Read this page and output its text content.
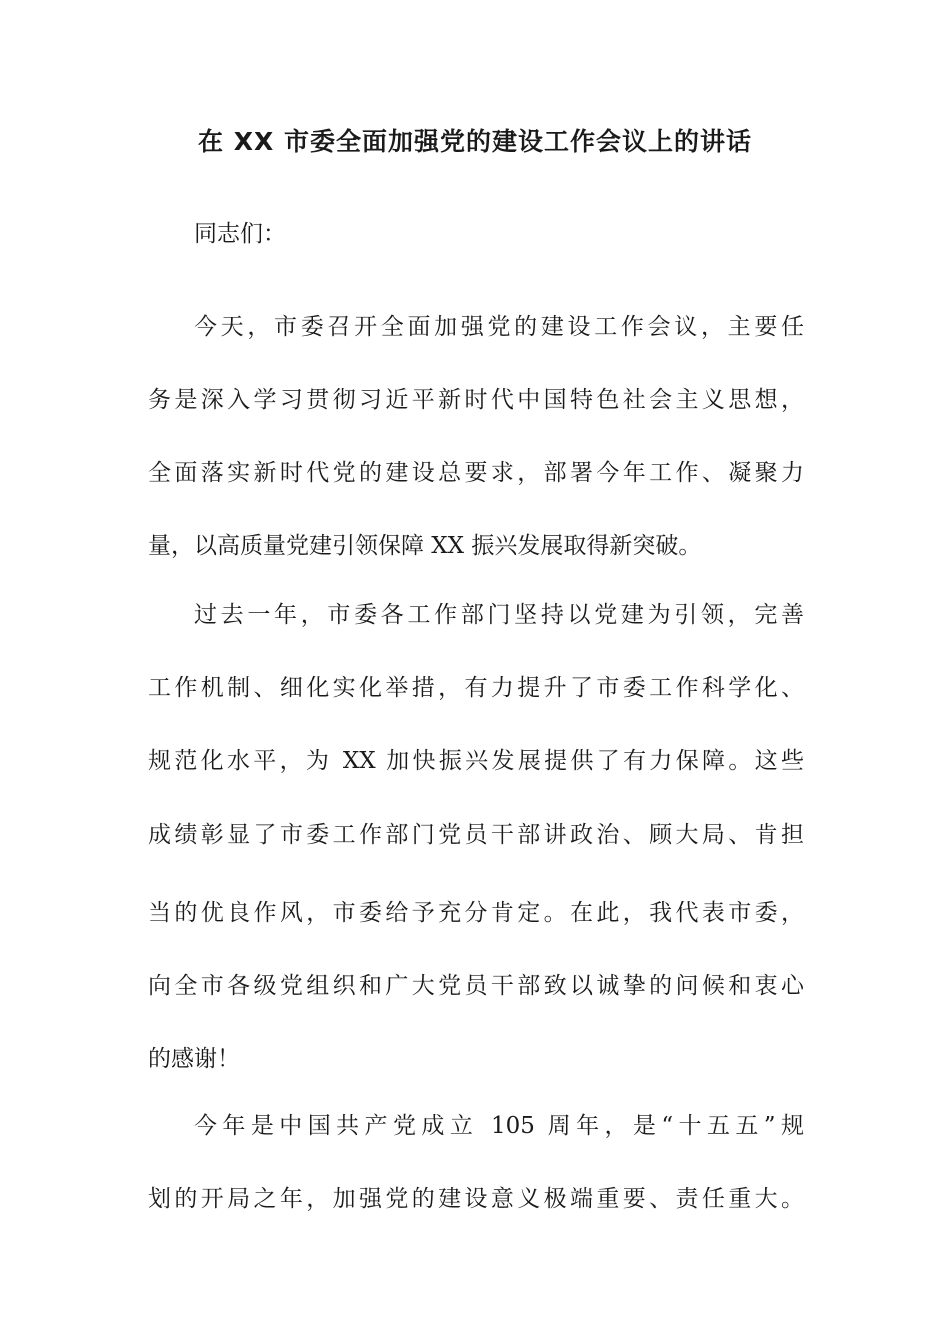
在 XX 市委全面加强党的建设工作会议上的讲话

同志们：

今天，市委召开全面加强党的建设工作会议，主要任

务是深入学习贯彻习近平新时代中国特色社会主义思想，

全面落实新时代党的建设总要求，部署今年工作、凝聚力

量，以高质量党建引领保障 XX 振兴发展取得新突破。

过去一年，市委各工作部门坚持以党建为引领，完善

工作机制、细化实化举措，有力提升了市委工作科学化、

规范化水平，为 XX 加快振兴发展提供了有力保障。这些

成绩彰显了市委工作部门党员干部讲政治、顾大局、肯担

当的优良作风，市委给予充分肯定。在此，我代表市委，

向全市各级党组织和广大党员干部致以诚挚的问候和衷心

的感谢！

今年是中国共产党成立 105 周年，是“十五五”规

划的开局之年，加强党的建设意义极端重要、责任重大。
